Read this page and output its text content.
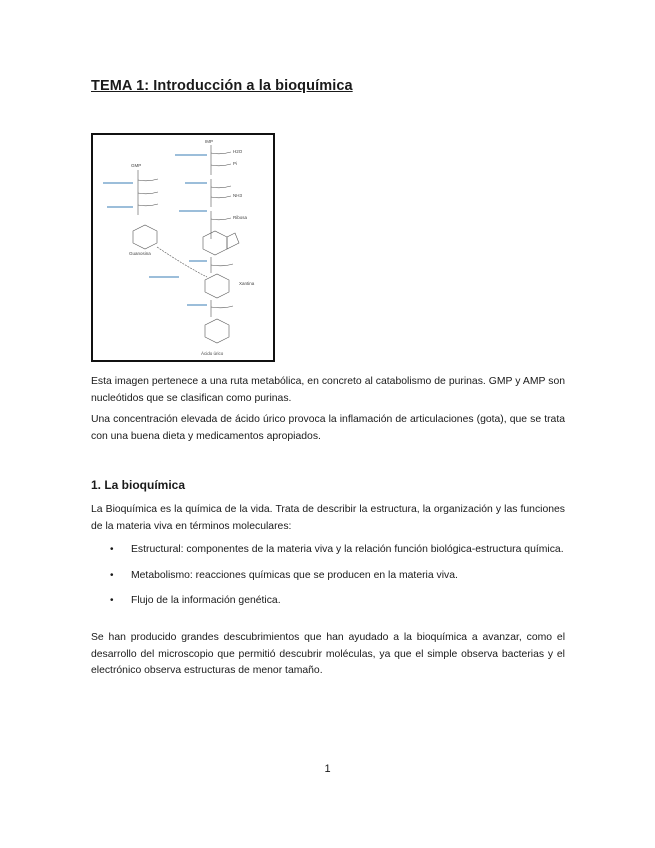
TEMA 1: Introducción a la bioquímica
IMP
H2O
Pi
NH3
Ribosa
GMP
Guanosina
Xantina
Ácido úrico

Esta imagen pertenece a una ruta metabólica, en concreto al catabolismo de purinas. GMP y AMP son nucleótidos que se clasifican como purinas.

Una concentración elevada de ácido úrico provoca la inflamación de articulaciones (gota), que se trata con una buena dieta y medicamentos apropiados.

1. La bioquímica

La Bioquímica es la química de la vida. Trata de describir la estructura, la organización y las funciones de la materia viva en términos moleculares:

• Estructural: componentes de la materia viva y la relación función biológica-estructura química.
• Metabolismo: reacciones químicas que se producen en la materia viva.
• Flujo de la información genética.

Se han producido grandes descubrimientos que han ayudado a la bioquímica a avanzar, como el desarrollo del microscopio que permitió descubrir moléculas, ya que el simple observa bacterias y el electrónico observa estructuras de menor tamaño.

1
